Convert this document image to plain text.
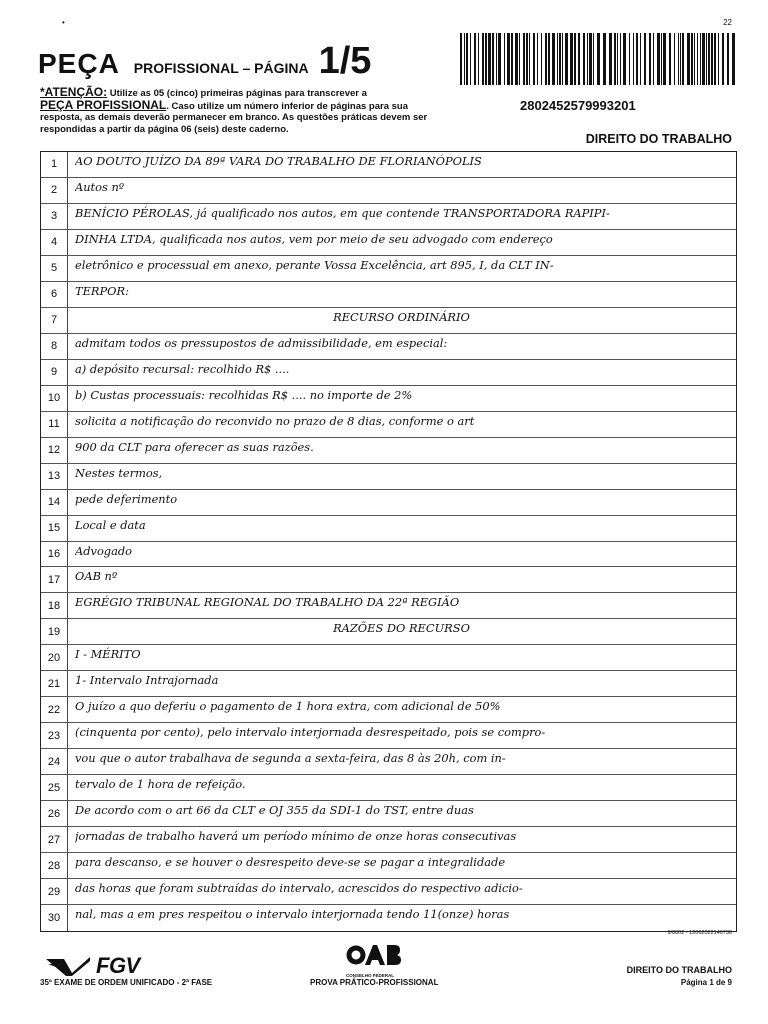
22
•
PEÇA PROFISSIONAL – PÁGINA 1/5
2802452579993201
*ATENÇÃO: Utilize as 05 (cinco) primeiras páginas para transcrever a
PEÇA PROFISSIONAL. Caso utilize um número inferior de páginas para sua resposta, as demais deverão permanecer em branco. As questões práticas devem ser respondidas a partir da página 06 (seis) deste caderno.
DIREITO DO TRABALHO
1	AO DOUTO JUÍZO DA 89ª VARA DO TRABALHO DE FLORIANÓPOLIS
2	Autos nº
3	BENÍCIO PÉROLAS, já qualificado nos autos, em que contende TRANSPORTADORA RAPIPI-
4	DINHA LTDA, qualificada nos autos, vem por meio de seu advogado com endereço
5	eletrônico e processual em anexo, perante Vossa Excelência, art 895, I, da CLT IN-
6	TERPOR:
7	RECURSO ORDINÁRIO
8	admitam todos os pressupostos de admissibilidade, em especial:
9	a) depósito recursal: recolhido R$ ....
10	b) Custas processuais: recolhidas R$ .... no importe de 2%
11	solicita a notificação do reconvido no prazo de 8 dias, conforme o art
12	900 da CLT para oferecer as suas razões.
13	Nestes termos,
14	pede deferimento
15	Local e data
16	Advogado
17	OAB nº
18	EGRÉGIO TRIBUNAL REGIONAL DO TRABALHO DA 22ª REGIÃO
19	RAZÕES DO RECURSO
20	I - MÉRITO
21	1- Intervalo Intrajornada
22	O juízo a quo deferiu o pagamento de 1 hora extra, com adicional de 50%
23	(cinquenta por cento), pelo intervalo interjornada desrespeitado, pois se compro-
24	vou que o autor trabalhava de segunda a sexta-feira, das 8 às 20h, com in-
25	tervalo de 1 hora de refeição.
26	De acordo com o art 66 da CLT e OJ 355 da SDI-1 do TST, entre duas
27	jornadas de trabalho haverá um período mínimo de onze horas consecutivas
28	para descanso, e se houver o desrespeito deve-se se pagar a integralidade
29	das horas que foram subtraídas do intervalo, acrescidos do respectivo adicio-
30	nal, mas a em pres respeitou o intervalo interjornada tendo 11(onze) horas
9/8802 - 12062022140738
FGV
35º EXAME DE ORDEM UNIFICADO - 2ª FASE
CONSELHO FEDERAL
PROVA PRÁTICO-PROFISSIONAL
DIREITO DO TRABALHO
Página 1 de 9
